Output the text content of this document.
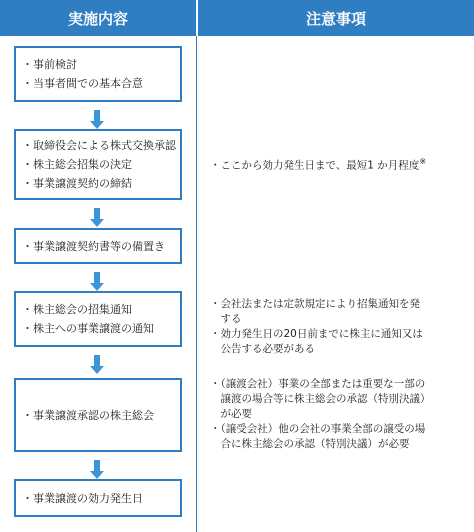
実施内容	注意事項
・事前検討
・当事者間での基本合意
・取締役会による株式交換承認
・株主総会招集の決定
・事業譲渡契約の締結
・事業譲渡契約書等の備置き
・株主総会の招集通知
・株主への事業譲渡の通知
・事業譲渡承認の株主総会
・事業譲渡の効力発生日
・ここから効力発生日まで、最短1 か月程度※
・会社法または定款規定により招集通知を発
　する
・効力発生日の20日前までに株主に通知又は
　公告する必要がある
・（譲渡会社）事業の全部または重要な一部の
　譲渡の場合等に株主総会の承認（特別決議）
　が必要
・（譲受会社）他の会社の事業全部の譲受の場
　合に株主総会の承認（特別決議）が必要
